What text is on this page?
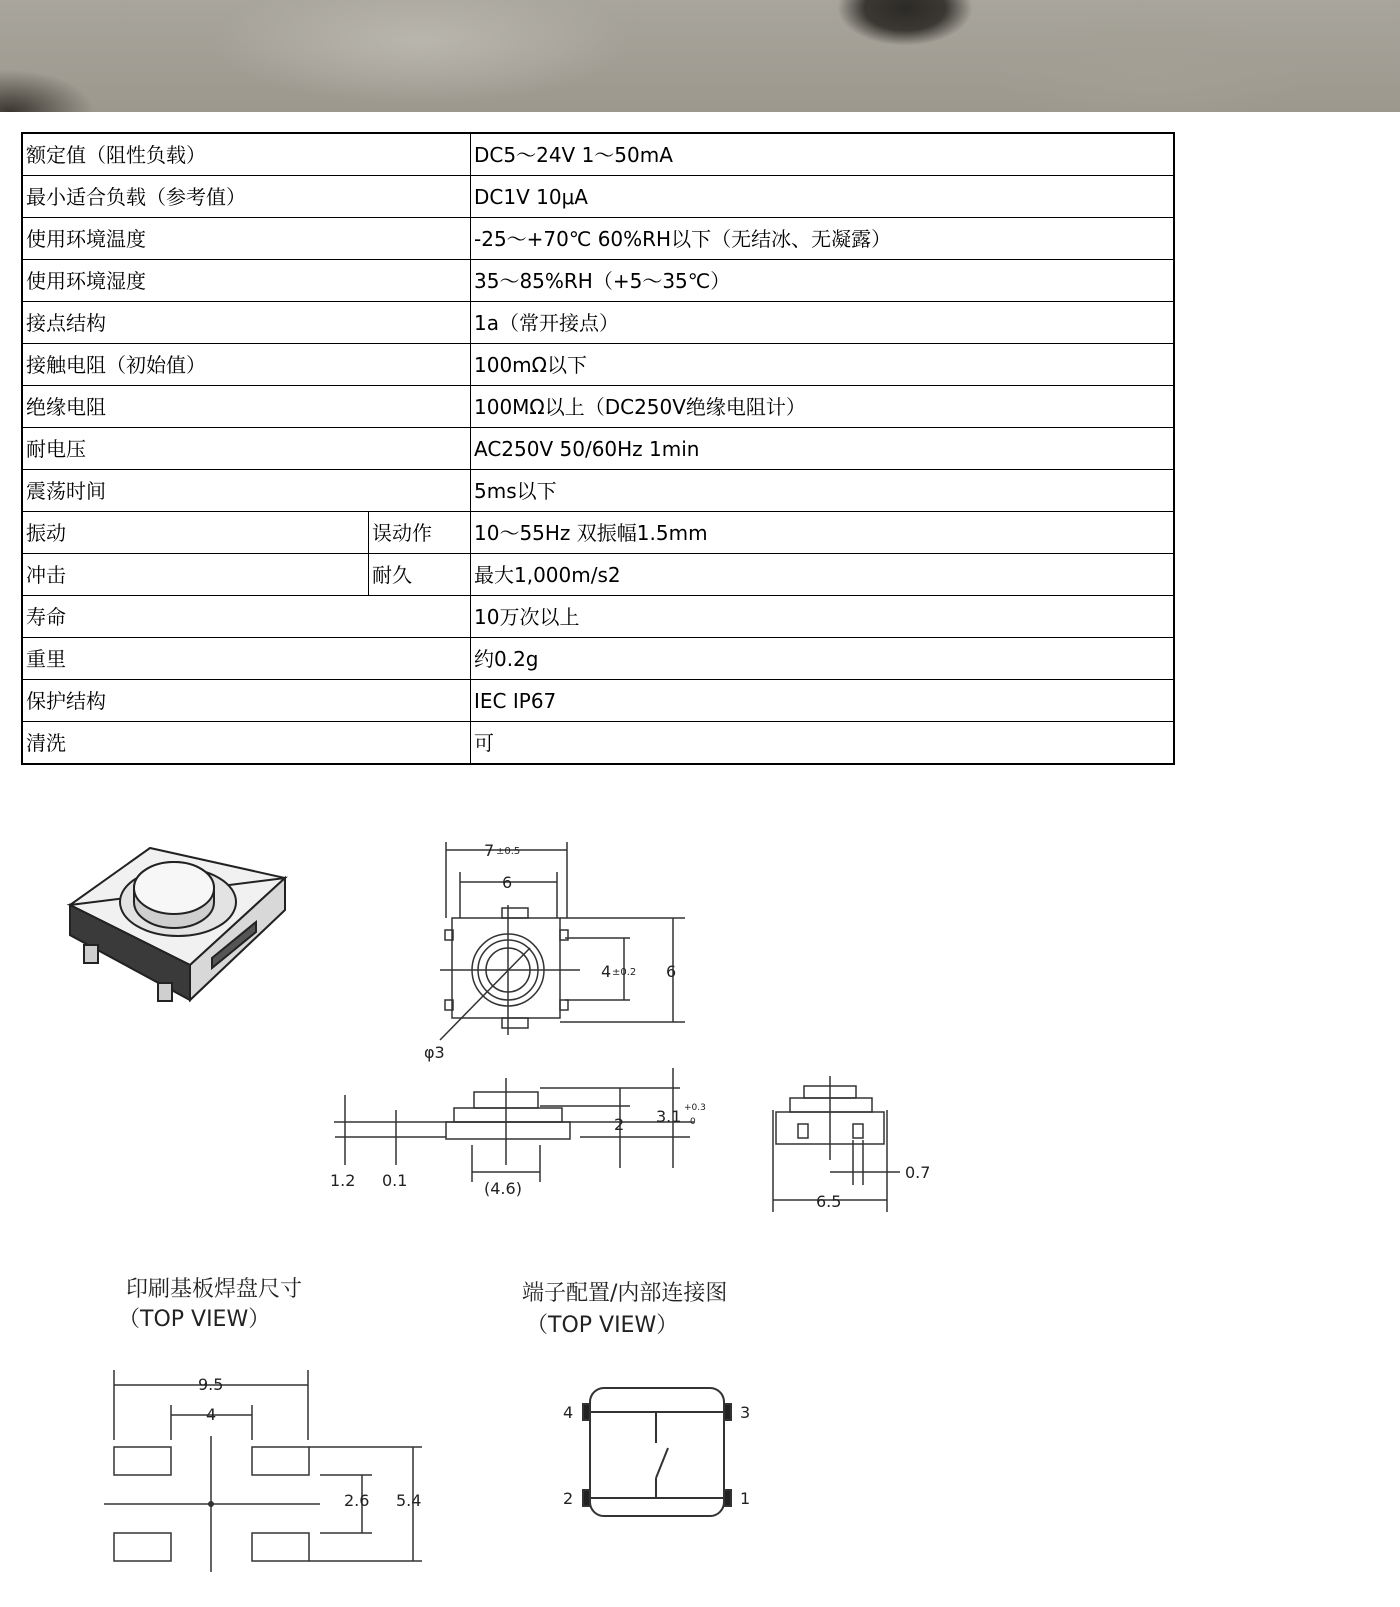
额定值（阻性负载）		DC5～24V 1～50mA
最小适合负载（参考值）		DC1V 10μA
使用环境温度		-25～+70℃ 60%RH以下（无结冰、无凝露）
使用环境湿度		35～85%RH（+5～35℃）
接点结构		1a（常开接点）
接触电阻（初始值）		100mΩ以下
绝缘电阻		100MΩ以上（DC250V绝缘电阻计）
耐电压		AC250V 50/60Hz 1min
震荡时间		5ms以下
振动	误动作	10～55Hz 双振幅1.5mm
冲击	耐久	最大1,000m/s2
寿命		10万次以上
重里		约0.2g
保护结构		IEC IP67
清洗		可
7 ±0.5
6
4 ±0.2 6
φ3
1.2 0.1	(4.6)
2 3.1 +0.3
0
0.7
6.5
印刷基板焊盘尺寸
（TOP VIEW）
9.5
4
2.6 5.4
端子配置/内部连接图
（TOP VIEW）
4	3
2	1
